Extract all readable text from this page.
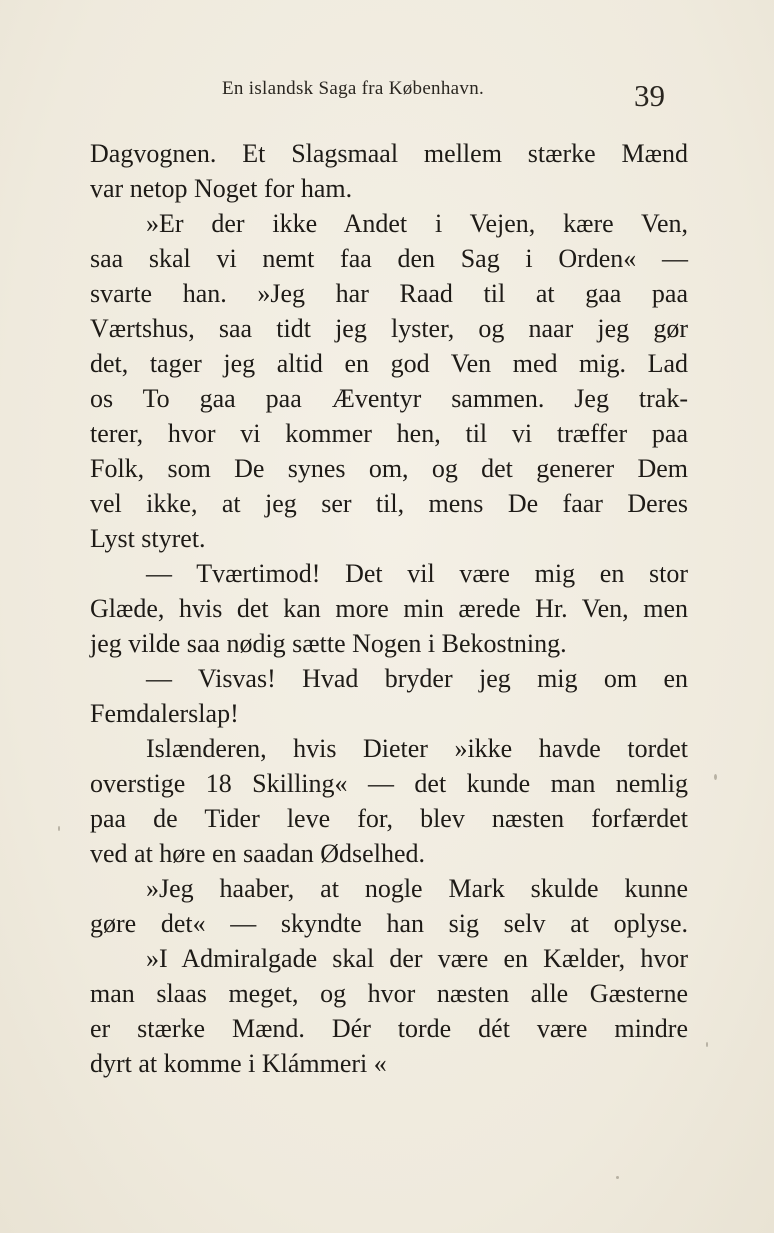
En islandsk Saga fra København.	39
Dagvognen. Et Slagsmaal mellem stærke Mænd
var netop Noget for ham.
»Er der ikke Andet i Vejen, kære Ven,
saa skal vi nemt faa den Sag i Orden« —
svarte han. »Jeg har Raad til at gaa paa
Værtshus, saa tidt jeg lyster, og naar jeg gør
det, tager jeg altid en god Ven med mig. Lad
os To gaa paa Æventyr sammen. Jeg trak-
terer, hvor vi kommer hen, til vi træffer paa
Folk, som De synes om, og det generer Dem
vel ikke, at jeg ser til, mens De faar Deres
Lyst styret.
— Tværtimod! Det vil være mig en stor
Glæde, hvis det kan more min ærede Hr. Ven, men
jeg vilde saa nødig sætte Nogen i Bekostning.
— Visvas! Hvad bryder jeg mig om en
Femdalerslap!
Islænderen, hvis Dieter »ikke havde tordet
overstige 18 Skilling« — det kunde man nemlig
paa de Tider leve for, blev næsten forfærdet
ved at høre en saadan Ødselhed.
»Jeg haaber, at nogle Mark skulde kunne
gøre det« — skyndte han sig selv at oplyse.
»I Admiralgade skal der være en Kælder, hvor
man slaas meget, og hvor næsten alle Gæsterne
er stærke Mænd. Dér torde dét være mindre
dyrt at komme i Klámmeri «
